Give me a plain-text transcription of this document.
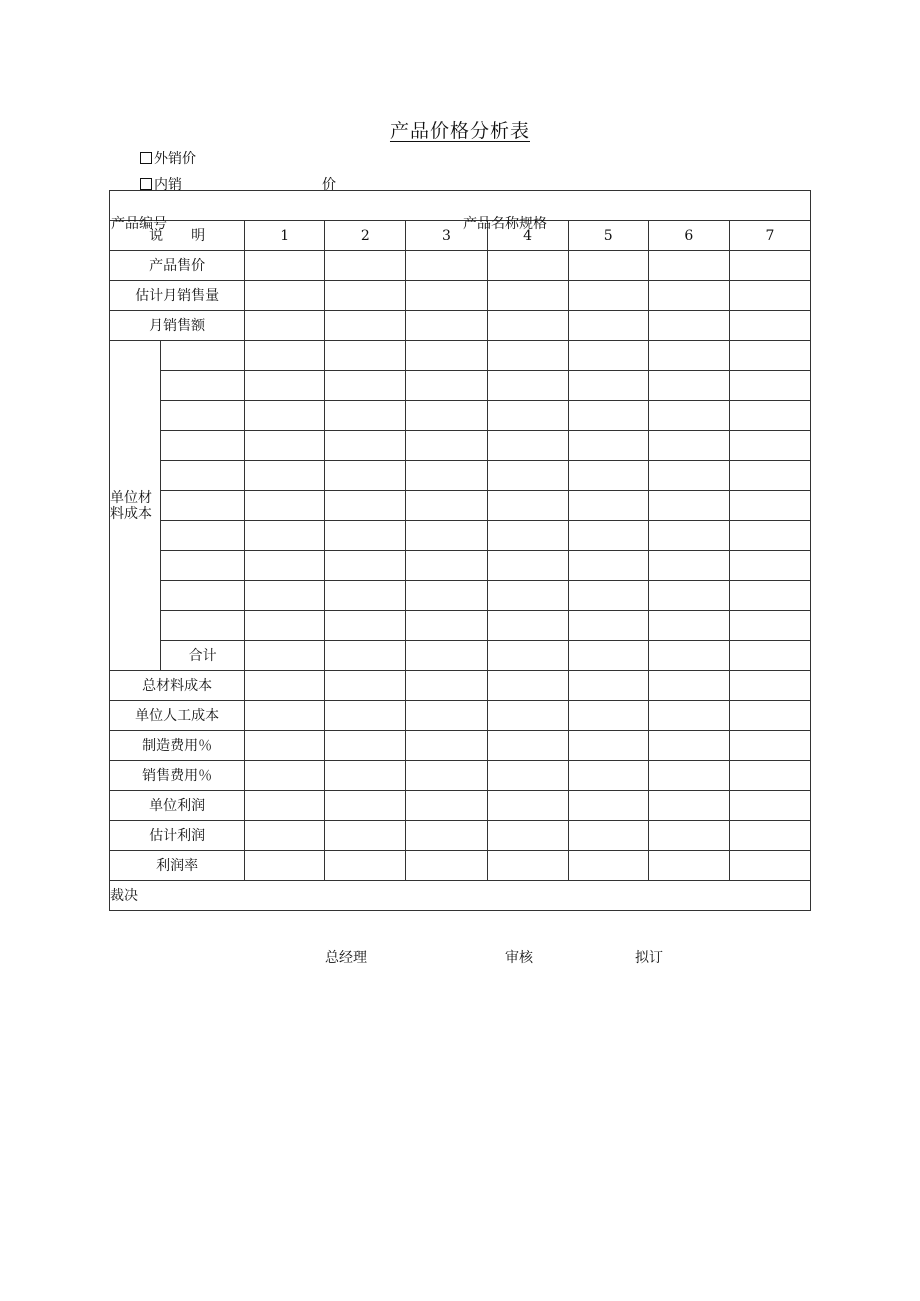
产品价格分析表
外销价
内销	价
产品编号 产品名称规格								

说　　明		1	2	3	4	5	6	7
产品售价								
估计月销售量								
月销售额								

单位材
料成本								

	合计							
总材料成本								
单位人工成本								
制造费用％								
销售费用％								
单位利润								
估计利润								
利润率								
裁决								
总经理	审核	拟订
